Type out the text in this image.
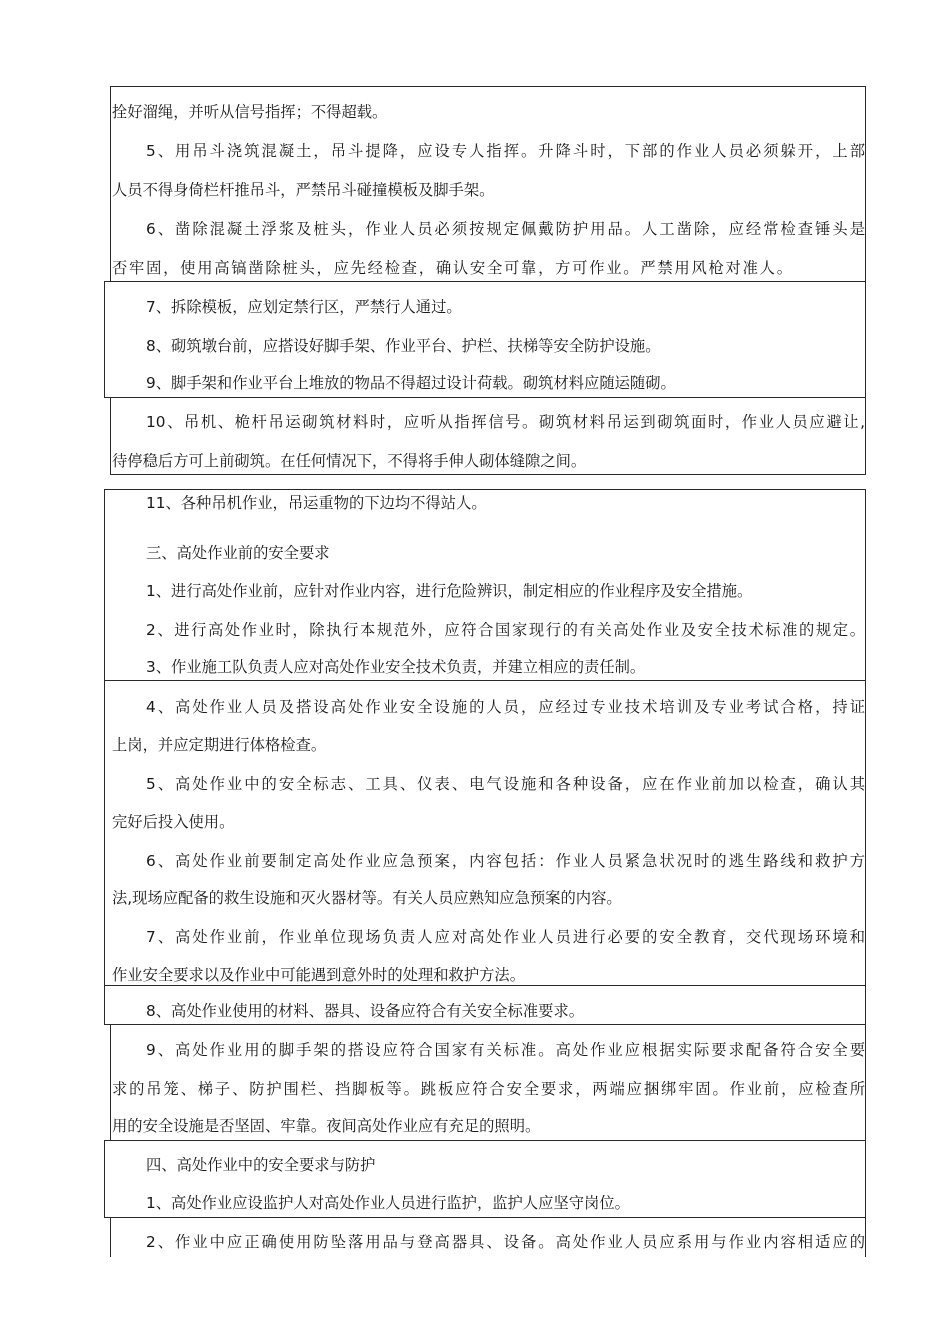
拴好溜绳，并听从信号指挥；不得超载。
5、用吊斗浇筑混凝土，吊斗提降，应设专人指挥。升降斗时，下部的作业人员必须躲开，上部
人员不得身倚栏杆推吊斗，严禁吊斗碰撞模板及脚手架。
6、凿除混凝土浮浆及桩头，作业人员必须按规定佩戴防护用品。人工凿除，应经常检查锤头是
否牢固，使用高镐凿除桩头，应先经检查，确认安全可靠，方可作业。严禁用风枪对准人。
7、拆除模板，应划定禁行区，严禁行人通过。
8、砌筑墩台前，应搭设好脚手架、作业平台、护栏、扶梯等安全防护设施。
9、脚手架和作业平台上堆放的物品不得超过设计荷载。砌筑材料应随运随砌。
10、吊机、桅杆吊运砌筑材料时，应听从指挥信号。砌筑材料吊运到砌筑面时，作业人员应避让,
待停稳后方可上前砌筑。在任何情况下，不得将手伸人砌体缝隙之间。
11、各种吊机作业，吊运重物的下边均不得站人。
三、高处作业前的安全要求
1、进行高处作业前，应针对作业内容，进行危险辨识，制定相应的作业程序及安全措施。
2、进行高处作业时，除执行本规范外，应符合国家现行的有关高处作业及安全技术标准的规定。
3、作业施工队负责人应对高处作业安全技术负责，并建立相应的责任制。
4、高处作业人员及搭设高处作业安全设施的人员，应经过专业技术培训及专业考试合格，持证
上岗，并应定期进行体格检查。
5、高处作业中的安全标志、工具、仪表、电气设施和各种设备，应在作业前加以检查，确认其
完好后投入使用。
6、高处作业前要制定高处作业应急预案，内容包括：作业人员紧急状况时的逃生路线和救护方
法,现场应配备的救生设施和灭火器材等。有关人员应熟知应急预案的内容。
7、高处作业前，作业单位现场负责人应对高处作业人员进行必要的安全教育，交代现场环境和
作业安全要求以及作业中可能遇到意外时的处理和救护方法。
8、高处作业使用的材料、器具、设备应符合有关安全标准要求。
9、高处作业用的脚手架的搭设应符合国家有关标准。高处作业应根据实际要求配备符合安全要
求的吊笼、梯子、防护围栏、挡脚板等。跳板应符合安全要求，两端应捆绑牢固。作业前，应检查所
用的安全设施是否坚固、牢靠。夜间高处作业应有充足的照明。
四、高处作业中的安全要求与防护
1、高处作业应设监护人对高处作业人员进行监护，监护人应坚守岗位。
2、作业中应正确使用防坠落用品与登高器具、设备。高处作业人员应系用与作业内容相适应的
